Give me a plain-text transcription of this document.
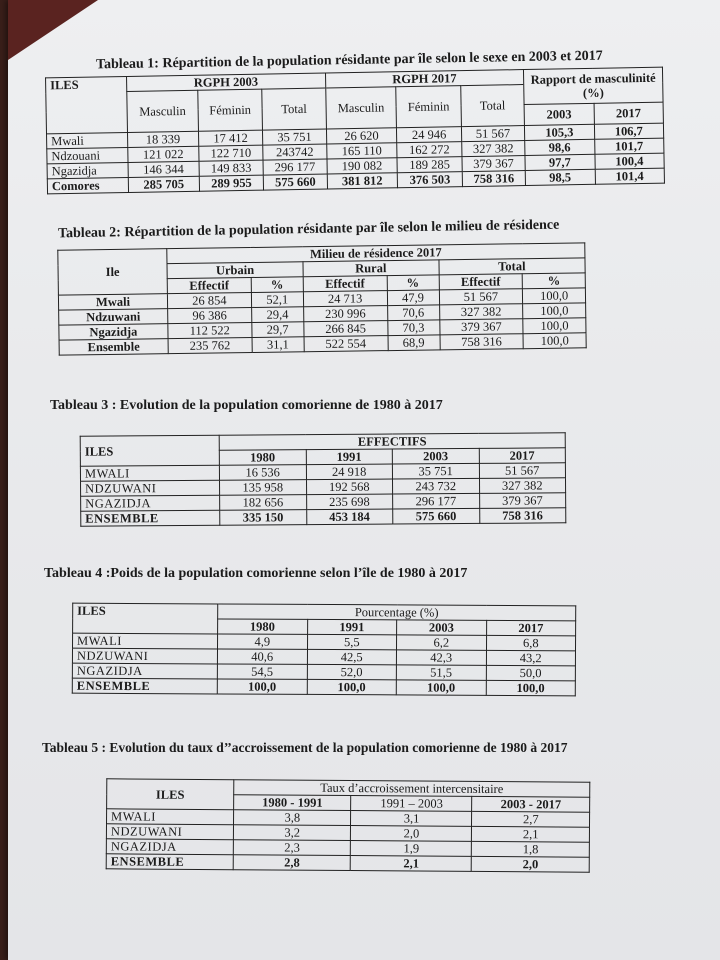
Tableau 1: Répartition de la population résidante par île selon le sexe en 2003 et 2017
ILES	RGPH 2003			RGPH 2017			Rapport de masculinité (%)	
	Masculin	Féminin	Total	Masculin	Féminin	Total		
							2003	2017
Mwali	18 339	17 412	35 751	26 620	24 946	51 567	105,3	106,7
Ndzouani	121 022	122 710	243742	165 110	162 272	327 382	98,6	101,7
Ngazidja	146 344	149 833	296 177	190 082	189 285	379 367	97,7	100,4
Comores	285 705	289 955	575 660	381 812	376 503	758 316	98,5	101,4
Tableau 2: Répartition de la population résidante par île selon le milieu de résidence
Ile	Milieu de résidence 2017					
	Urbain		Rural		Total	
	Effectif	%	Effectif	%	Effectif	%
Mwali	26 854	52,1	24 713	47,9	51 567	100,0
Ndzuwani	96 386	29,4	230 996	70,6	327 382	100,0
Ngazidja	112 522	29,7	266 845	70,3	379 367	100,0
Ensemble	235 762	31,1	522 554	68,9	758 316	100,0
Tableau 3 : Evolution de la population comorienne de 1980 à 2017
ILES	EFFECTIFS			
	1980	1991	2003	2017
MWALI	16 536	24 918	35 751	51 567
NDZUWANI	135 958	192 568	243 732	327 382
NGAZIDJA	182 656	235 698	296 177	379 367
ENSEMBLE	335 150	453 184	575 660	758 316
Tableau 4 :Poids de la population comorienne selon l’île de 1980 à 2017
ILES	Pourcentage (%)			
	1980	1991	2003	2017
MWALI	4,9	5,5	6,2	6,8
NDZUWANI	40,6	42,5	42,3	43,2
NGAZIDJA	54,5	52,0	51,5	50,0
ENSEMBLE	100,0	100,0	100,0	100,0
Tableau 5 : Evolution du taux d’’accroissement de la population comorienne de 1980 à 2017
ILES	Taux d’accroissement intercensitaire		
	1980 - 1991	1991 – 2003	2003 - 2017
MWALI	3,8	3,1	2,7
NDZUWANI	3,2	2,0	2,1
NGAZIDJA	2,3	1,9	1,8
ENSEMBLE	2,8	2,1	2,0
